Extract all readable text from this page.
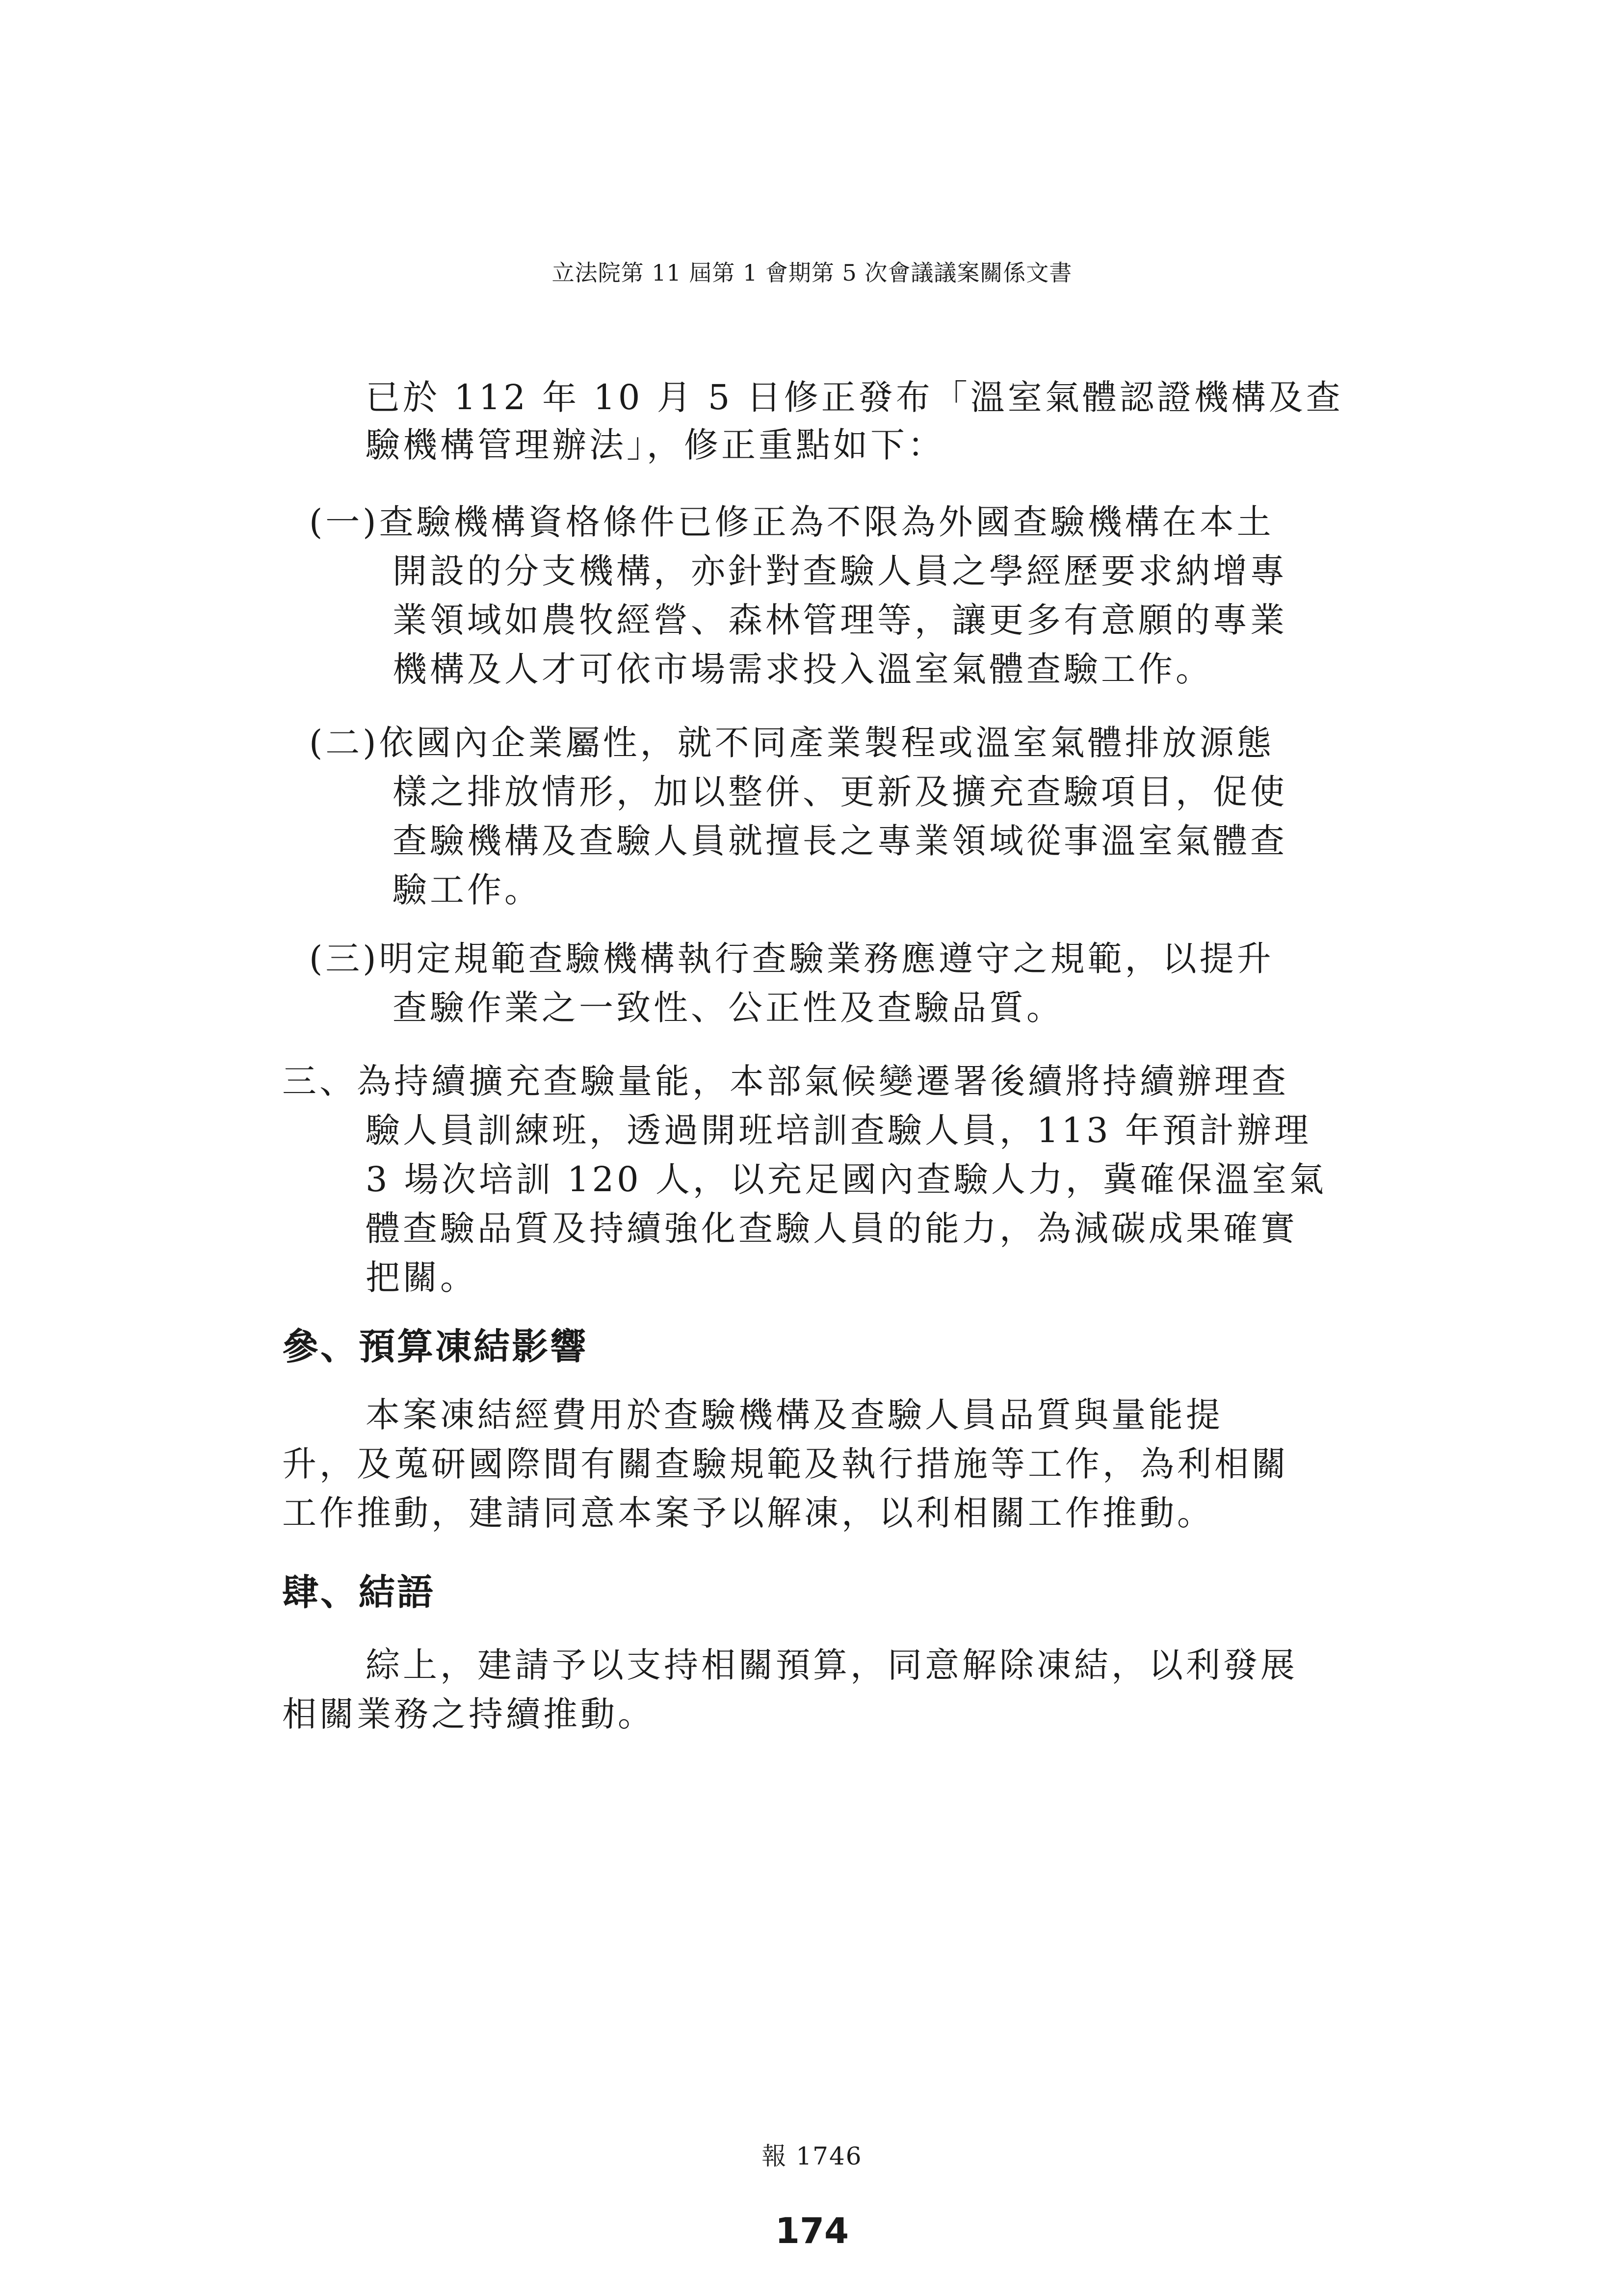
立法院第 11 屆第 1 會期第 5 次會議議案關係文書
已於 112 年 10 月 5 日修正發布「溫室氣體認證機構及查
驗機構管理辦法」，修正重點如下：
(一)查驗機構資格條件已修正為不限為外國查驗機構在本土
開設的分支機構，亦針對查驗人員之學經歷要求納增專
業領域如農牧經營、森林管理等，讓更多有意願的專業
機構及人才可依市場需求投入溫室氣體查驗工作。
(二)依國內企業屬性，就不同產業製程或溫室氣體排放源態
樣之排放情形，加以整併、更新及擴充查驗項目，促使
查驗機構及查驗人員就擅長之專業領域從事溫室氣體查
驗工作。
(三)明定規範查驗機構執行查驗業務應遵守之規範，以提升
查驗作業之一致性、公正性及查驗品質。
三、為持續擴充查驗量能，本部氣候變遷署後續將持續辦理查
驗人員訓練班，透過開班培訓查驗人員，113 年預計辦理
3 場次培訓 120 人，以充足國內查驗人力，冀確保溫室氣
體查驗品質及持續強化查驗人員的能力，為減碳成果確實
把關。
參、預算凍結影響
本案凍結經費用於查驗機構及查驗人員品質與量能提
升，及蒐研國際間有關查驗規範及執行措施等工作，為利相關
工作推動，建請同意本案予以解凍，以利相關工作推動。
肆、結語
綜上，建請予以支持相關預算，同意解除凍結，以利發展
相關業務之持續推動。
報 1746
174
